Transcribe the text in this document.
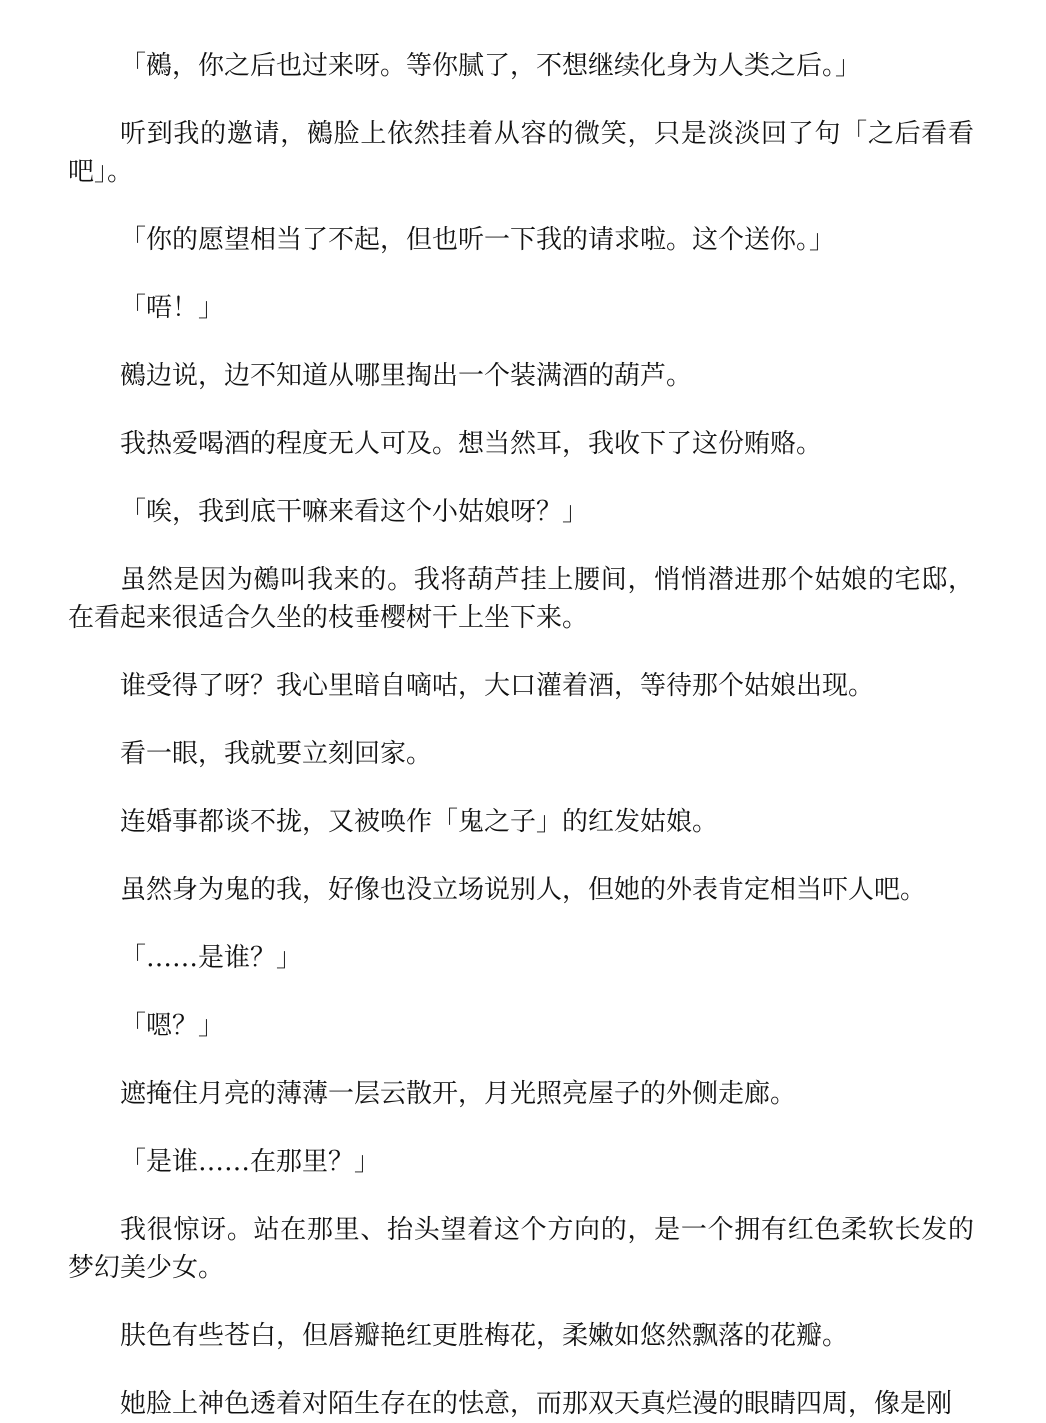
「鵺，你之后也过来呀。等你腻了，不想继续化身为人类之后。」

听到我的邀请，鵺脸上依然挂着从容的微笑，只是淡淡回了句「之后看看吧」。

「你的愿望相当了不起，但也听一下我的请求啦。这个送你。」

「唔！」

鵺边说，边不知道从哪里掏出一个装满酒的葫芦。

我热爱喝酒的程度无人可及。想当然耳，我收下了这份贿赂。

「唉，我到底干嘛来看这个小姑娘呀？」

虽然是因为鵺叫我来的。我将葫芦挂上腰间，悄悄潜进那个姑娘的宅邸，在看起来很适合久坐的枝垂樱树干上坐下来。

谁受得了呀？我心里暗自嘀咕，大口灌着酒，等待那个姑娘出现。

看一眼，我就要立刻回家。

连婚事都谈不拢，又被唤作「鬼之子」的红发姑娘。

虽然身为鬼的我，好像也没立场说别人，但她的外表肯定相当吓人吧。

「……是谁？」

「嗯？」

遮掩住月亮的薄薄一层云散开，月光照亮屋子的外侧走廊。

「是谁……在那里？」

我很惊讶。站在那里、抬头望着这个方向的，是一个拥有红色柔软长发的梦幻美少女。

肤色有些苍白，但唇瓣艳红更胜梅花，柔嫩如悠然飘落的花瓣。

她脸上神色透着对陌生存在的怯意，而那双天真烂漫的眼睛四周，像是刚
